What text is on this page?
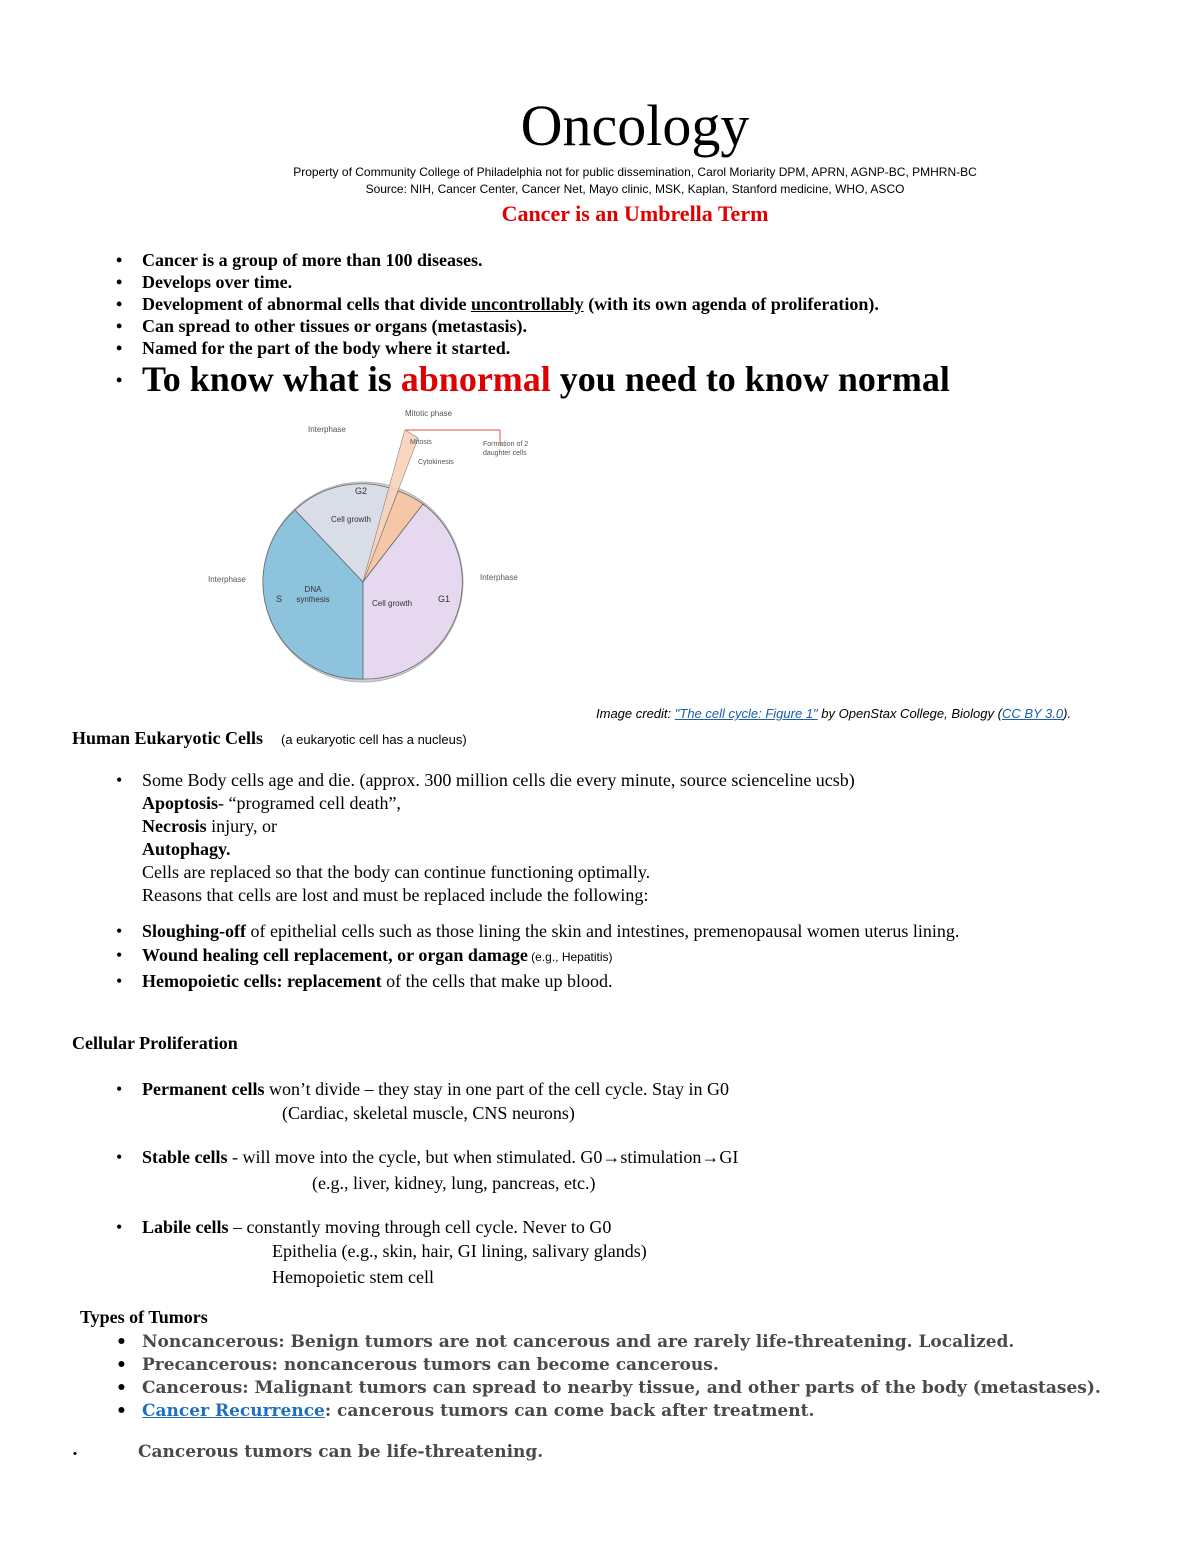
Oncology
Property of Community College of Philadelphia not for public dissemination, Carol Moriarity DPM, APRN, AGNP-BC, PMHRN-BC
Source: NIH, Cancer Center, Cancer Net, Mayo clinic, MSK, Kaplan, Stanford medicine, WHO, ASCO
Cancer is an Umbrella Term
• Cancer is a group of more than 100 diseases.
• Develops over time.
• Development of abnormal cells that divide uncontrollably (with its own agenda of proliferation).
• Can spread to other tissues or organs (metastasis).
• Named for the part of the body where it started.
• To know what is abnormal you need to know normal
Mitotic phase
Interphase
Mitosis
Cytokinesis
Formation of 2 daughter cells
G2
Cell growth
Interphase	Interphase
S
DNA synthesis	Cell growth	G1
Image credit: "The cell cycle: Figure 1" by OpenStax College, Biology (CC BY 3.0).
Human Eukaryotic Cells (a eukaryotic cell has a nucleus)
• Some Body cells age and die. (approx. 300 million cells die every minute, source scienceline ucsb)
Apoptosis- “programed cell death”,
Necrosis injury, or
Autophagy.
Cells are replaced so that the body can continue functioning optimally.
Reasons that cells are lost and must be replaced include the following:
• Sloughing-off of epithelial cells such as those lining the skin and intestines, premenopausal women uterus lining.
• Wound healing cell replacement, or organ damage (e.g., Hepatitis)
• Hemopoietic cells: replacement of the cells that make up blood.
Cellular Proliferation
• Permanent cells won’t divide – they stay in one part of the cell cycle. Stay in G0
(Cardiac, skeletal muscle, CNS neurons)
• Stable cells - will move into the cycle, but when stimulated. G0→stimulation→GI
(e.g., liver, kidney, lung, pancreas, etc.)
• Labile cells – constantly moving through cell cycle. Never to G0
Epithelia (e.g., skin, hair, GI lining, salivary glands)
Hemopoietic stem cell
Types of Tumors
• Noncancerous: Benign tumors are not cancerous and are rarely life-threatening. Localized.
• Precancerous: noncancerous tumors can become cancerous.
• Cancerous: Malignant tumors can spread to nearby tissue, and other parts of the body (metastases).
• Cancer Recurrence: cancerous tumors can come back after treatment.
.	Cancerous tumors can be life-threatening.
